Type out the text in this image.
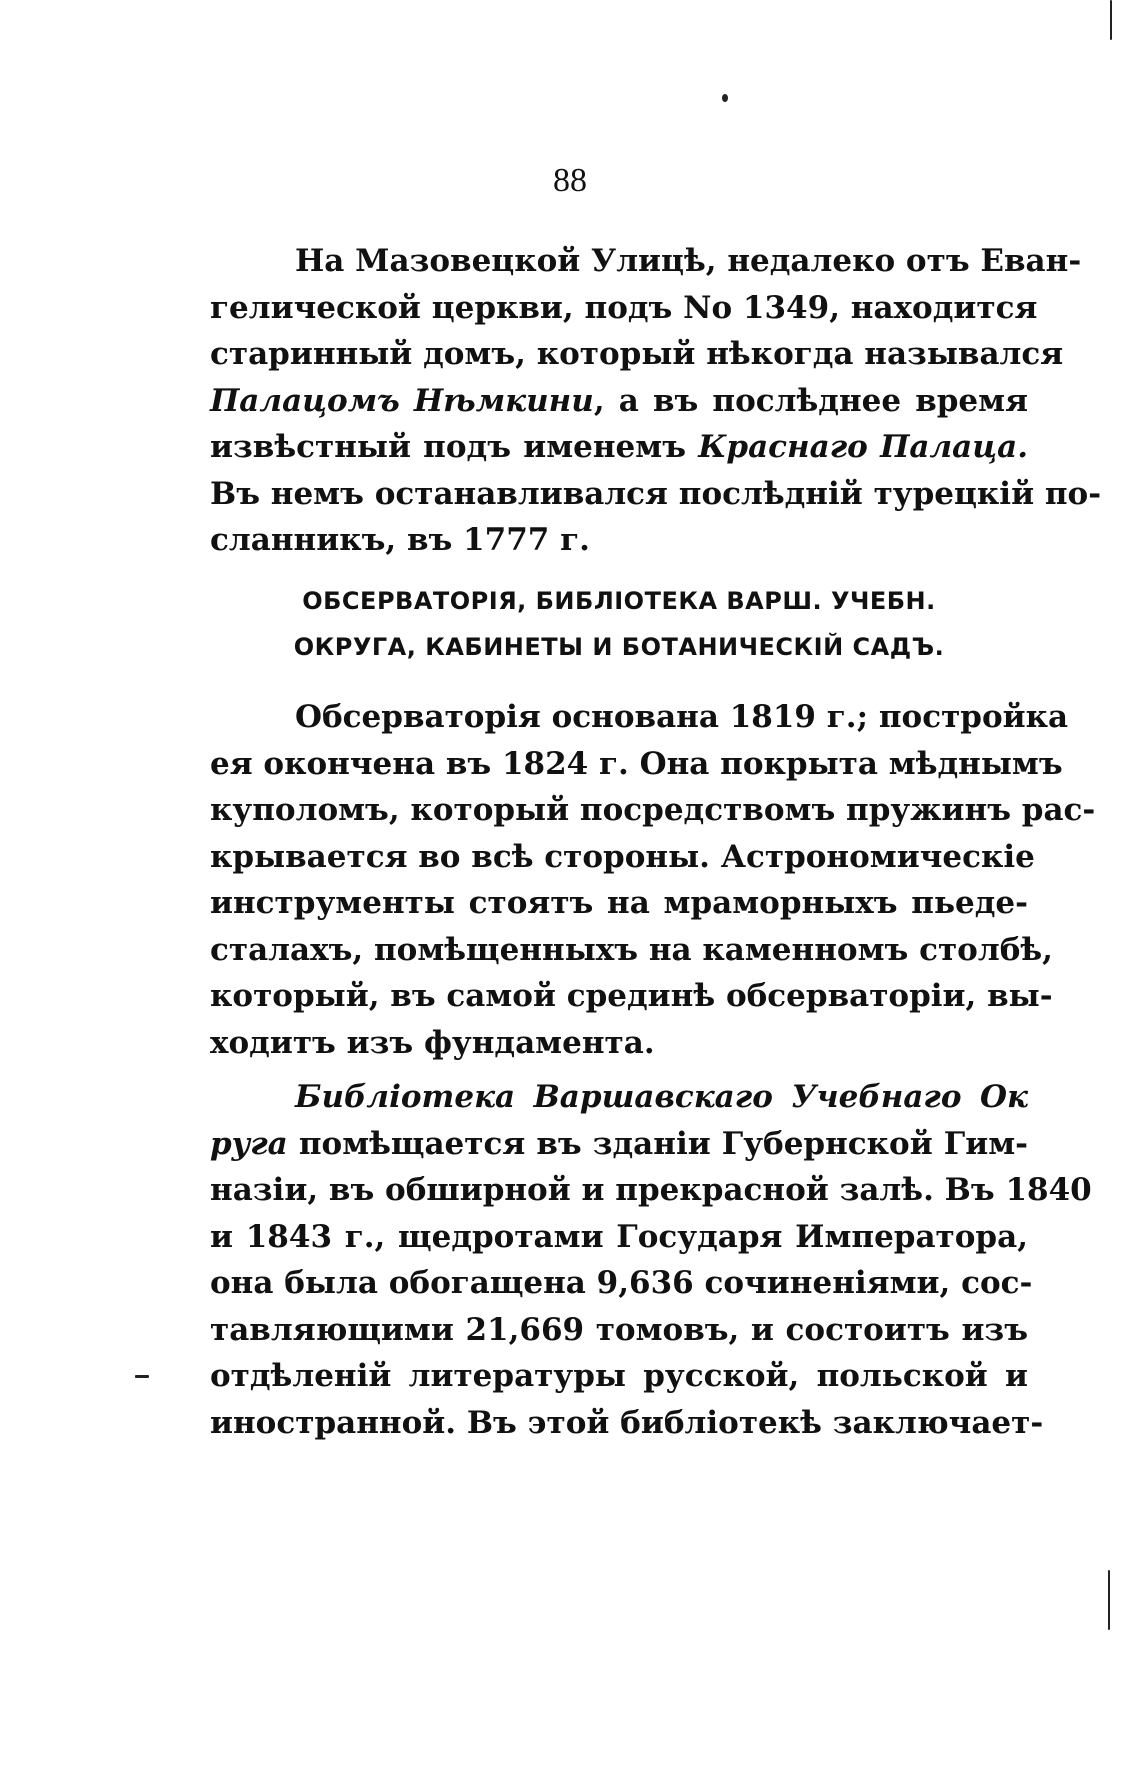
88

На Мазовецкой Улицѣ, недалеко отъ Еван-
гелической церкви, подъ No 1349, находится
старинный домъ, который нѣкогда назывался
Палацомъ Нѣмкини, а въ послѣднее время
извѣстный подъ именемъ Краснаго Палаца.
Въ немъ останавливался послѣдній турецкій по-
сланникъ, въ 1777 г.

ОБСЕРВАТОРІЯ, БИБЛІОТЕКА ВАРШ. УЧЕБН.
ОКРУГА, КАБИНЕТЫ И БОТАНИЧЕСКІЙ САДЪ.

Обсерваторія основана 1819 г.; постройка
ея окончена въ 1824 г. Она покрыта мѣднымъ
куполомъ, который посредствомъ пружинъ рас-
крывается во всѣ стороны. Астрономическіе
инструменты стоятъ на мраморныхъ пьеде-
сталахъ, помѣщенныхъ на каменномъ столбѣ,
который, въ самой срединѣ обсерваторіи, вы-
ходитъ изъ фундамента.

Библіотека Варшавскаго Учебнаго Ок
руга помѣщается въ зданіи Губернской Гим-
назіи, въ обширной и прекрасной залѣ. Въ 1840
и 1843 г., щедротами Государя Императора,
она была обогащена 9,636 сочиненіями, сос-
тавляющими 21,669 томовъ, и состоитъ изъ
отдѣленій литературы русской, польской и
иностранной. Въ этой библіотекѣ заключает-
